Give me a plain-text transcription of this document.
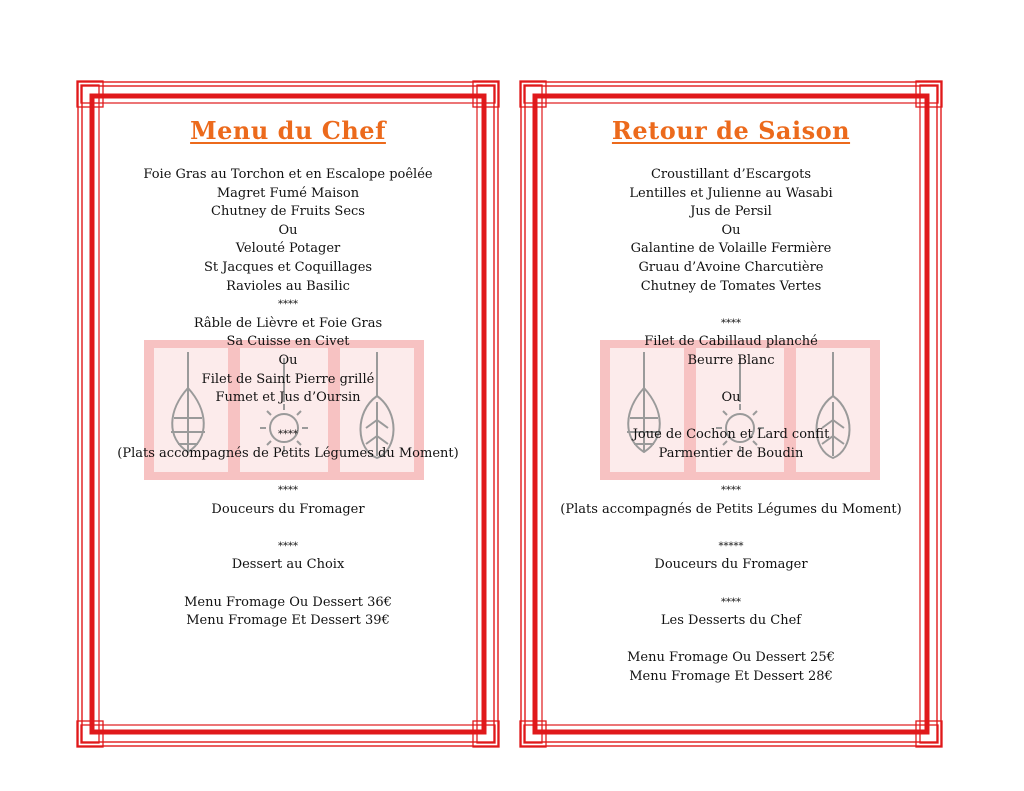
Menu du Chef
Foie Gras au Torchon et en Escalope poêlée
Magret Fumé Maison
Chutney de Fruits Secs
Ou
Velouté Potager
St Jacques et Coquillages
Ravioles au Basilic
****
Râble de Lièvre et Foie Gras
Sa Cuisse en Civet
Ou
Filet de Saint Pierre grillé
Fumet et Jus d’Oursin
****
(Plats accompagnés de Petits Légumes du Moment)
****
Douceurs du Fromager
****
Dessert au Choix
Menu Fromage Ou Dessert 36€
Menu Fromage Et Dessert 39€
Retour de Saison
Croustillant d’Escargots
Lentilles et Julienne au Wasabi
Jus de Persil
Ou
Galantine de Volaille Fermière
Gruau d’Avoine Charcutière
Chutney de Tomates Vertes
****
Filet de Cabillaud planché
Beurre Blanc
Ou
Joue de Cochon et Lard confit
Parmentier de Boudin
****
(Plats accompagnés de Petits Légumes du Moment)
*****
Douceurs du Fromager
****
Les Desserts du Chef
Menu Fromage Ou Dessert 25€
Menu Fromage Et Dessert 28€
